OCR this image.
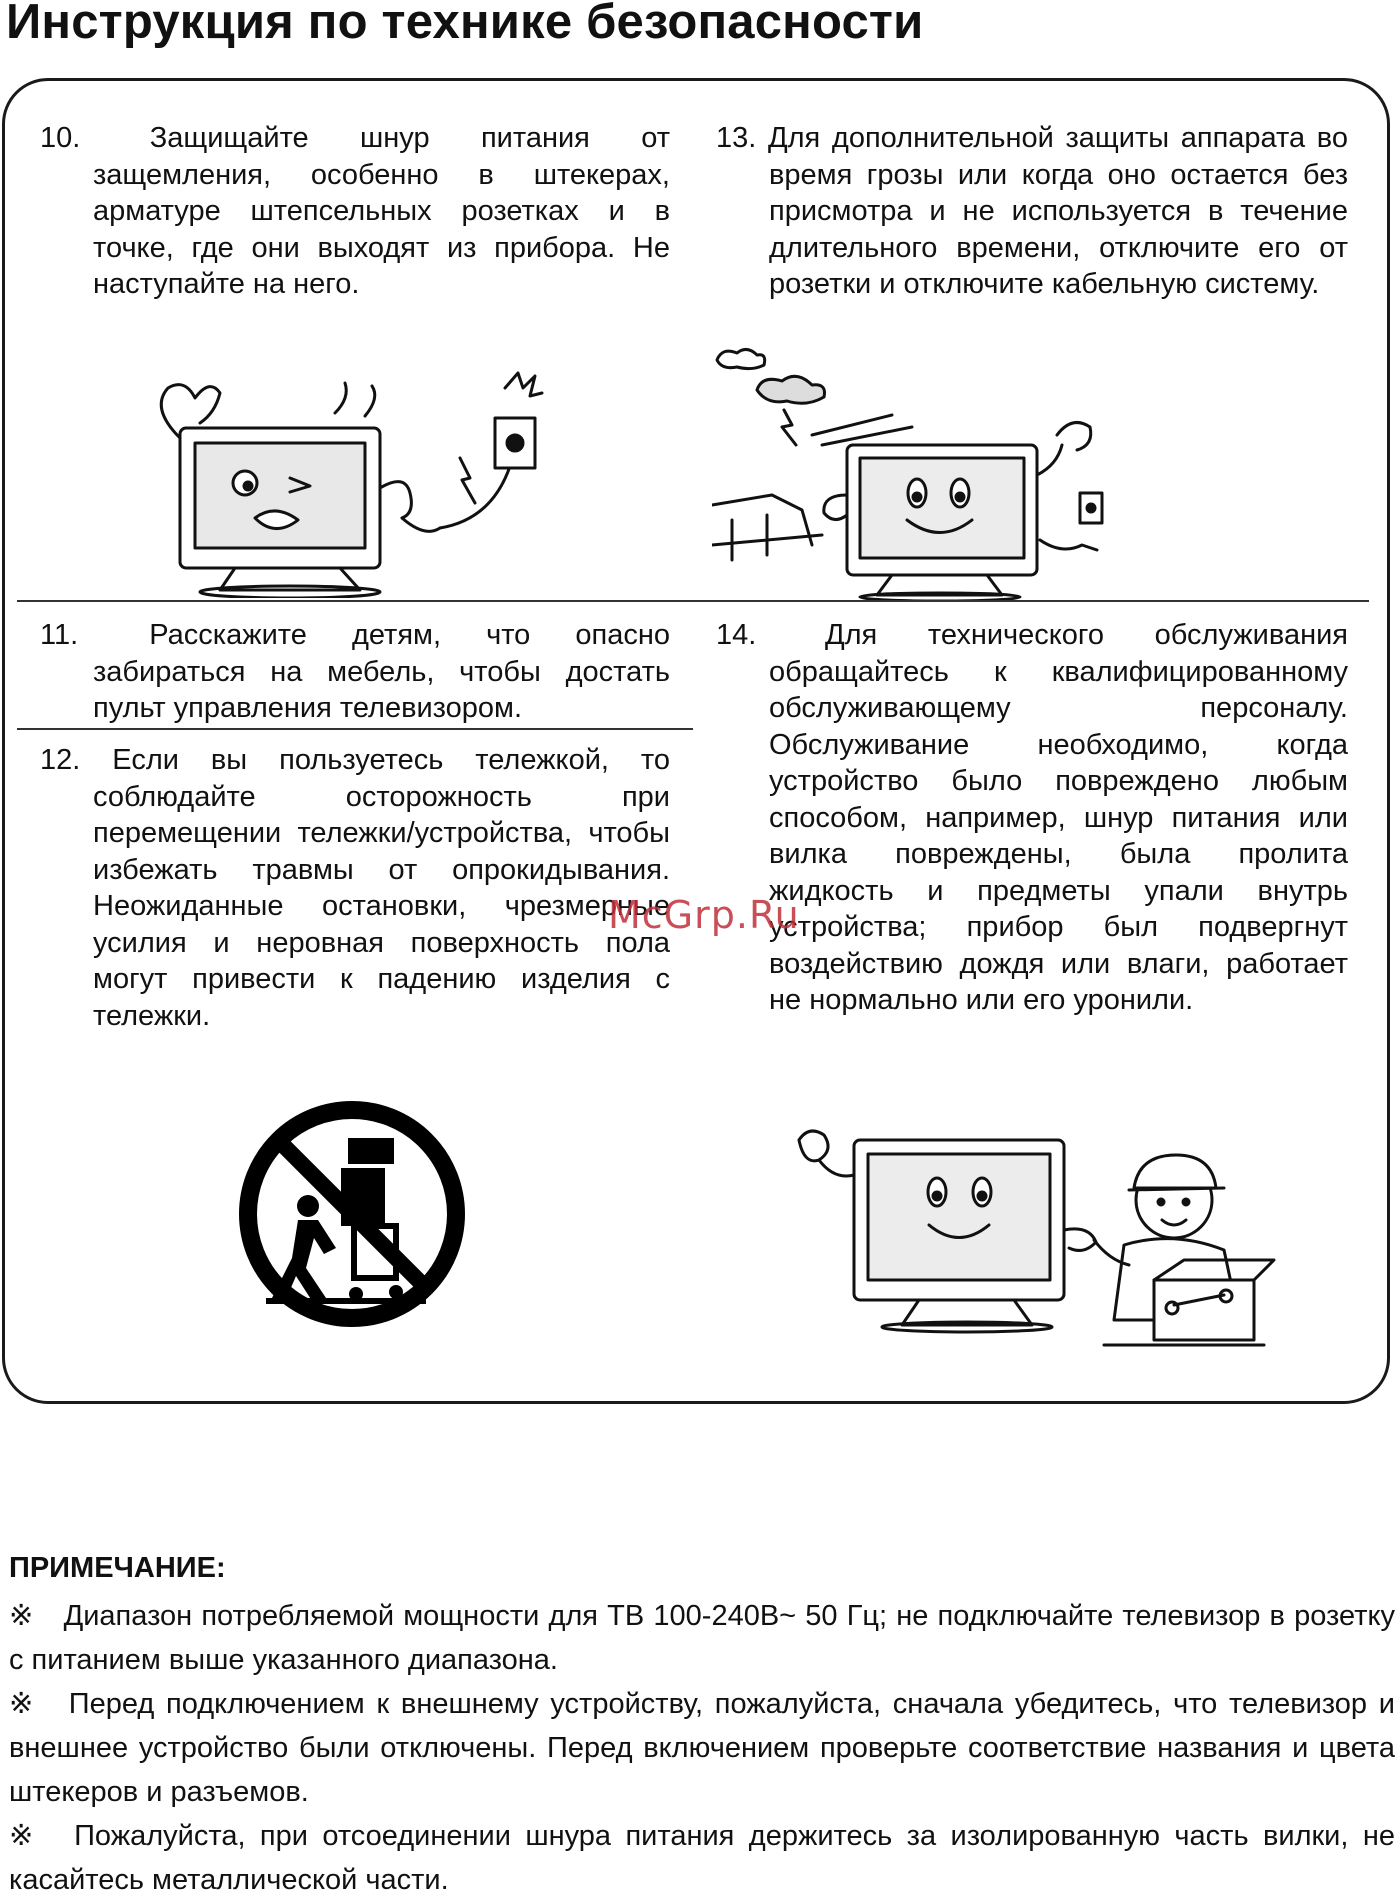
Инструкция по технике безопасности
10. Защищайте шнур питания от защемления, особенно в штекерах, арматуре штепсельных розетках и в точке, где они выходят из прибора. Не наступайте на него.
13. Для дополнительной защиты аппарата во время грозы или когда оно остается без присмотра и не используется в течение длительного времени, отключите его от розетки и отключите кабельную систему.
11. Расскажите детям, что опасно забираться на мебель, чтобы достать пульт управления телевизором.
12. Если вы пользуетесь тележкой, то соблюдайте осторожность при перемещении тележки/устройства, чтобы избежать травмы от опрокидывания. Неожиданные остановки, чрезмерные усилия и неровная поверхность пола могут привести к падению изделия с тележки.
14. Для технического обслуживания обращайтесь к квалифицированному обслуживающему персоналу. Обслуживание необходимо, когда устройство было повреждено любым способом, например, шнур питания или вилка повреждены, была пролита жидкость и предметы упали внутрь устройства; прибор был подвергнут воздействию дождя или влаги, работает не нормально или его уронили.
McGrp.Ru
ПРИМЕЧАНИЕ:
※ Диапазон потребляемой мощности для ТВ 100-240В~ 50 Гц; не подключайте телевизор в розетку с питанием выше указанного диапазона.
※ Перед подключением к внешнему устройству, пожалуйста, сначала убедитесь, что телевизор и внешнее устройство были отключены. Перед включением проверьте соответствие названия и цвета штекеров и разъемов.
※ Пожалуйста, при отсоединении шнура питания держитесь за изолированную часть вилки, не касайтесь металлической части.
